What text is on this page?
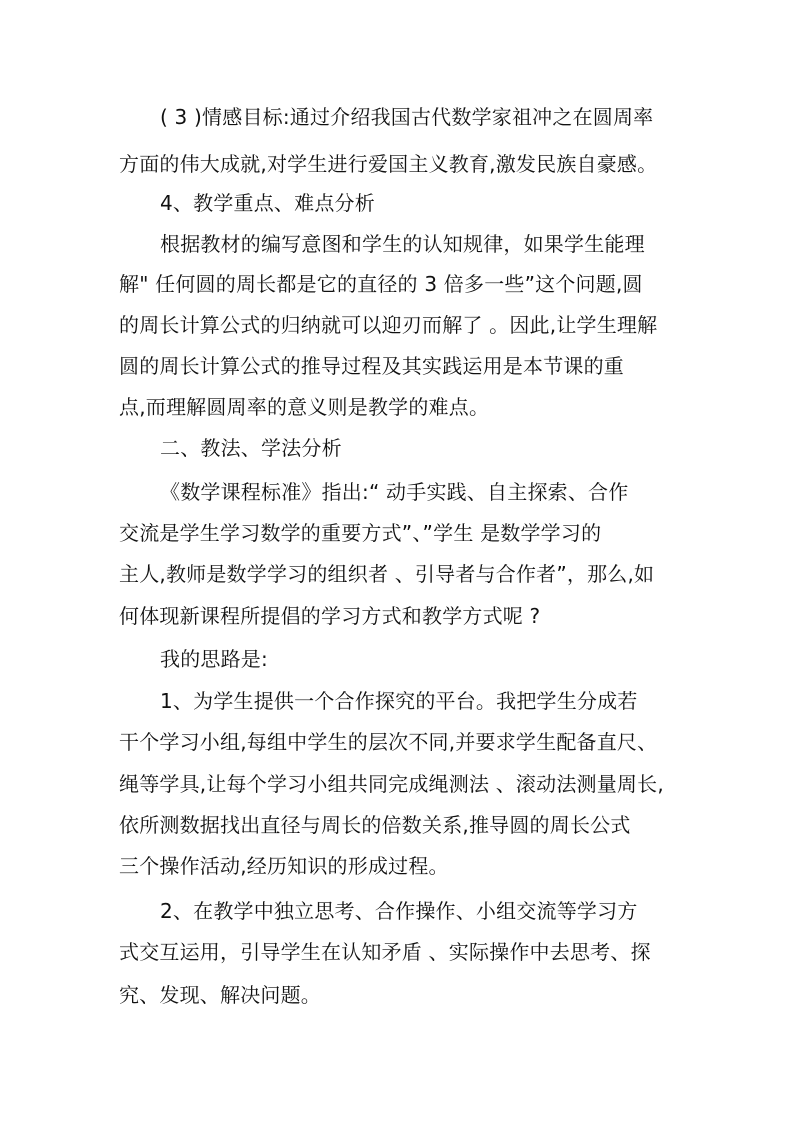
( 3 )情感目标:通过介绍我国古代数学家祖冲之在圆周率
方面的伟大成就,对学生进行爱国主义教育,激发民族自豪感。
4、教学重点、难点分析
根据教材的编写意图和学生的认知规律，如果学生能理
解" 任何圆的周长都是它的直径的 3 倍多一些”这个问题,圆
的周长计算公式的归纳就可以迎刃而解了 。因此,让学生理解
圆的周长计算公式的推导过程及其实践运用是本节课的重
点,而理解圆周率的意义则是教学的难点。
二、教法、学法分析
《数学课程标准》指出:“ 动手实践、自主探索、合作
交流是学生学习数学的重要方式”、”学生 是数学学习的
主人,教师是数学学习的组织者 、引导者与合作者”，那么,如
何体现新课程所提倡的学习方式和教学方式呢 ?
我的思路是:
1、为学生提供一个合作探究的平台。我把学生分成若
干个学习小组,每组中学生的层次不同,并要求学生配备直尺、
绳等学具,让每个学习小组共同完成绳测法 、滚动法测量周长,
依所测数据找出直径与周长的倍数关系,推导圆的周长公式
三个操作活动,经历知识的形成过程。
2、在教学中独立思考、合作操作、小组交流等学习方
式交互运用，引导学生在认知矛盾 、实际操作中去思考、探
究、发现、解决问题。
